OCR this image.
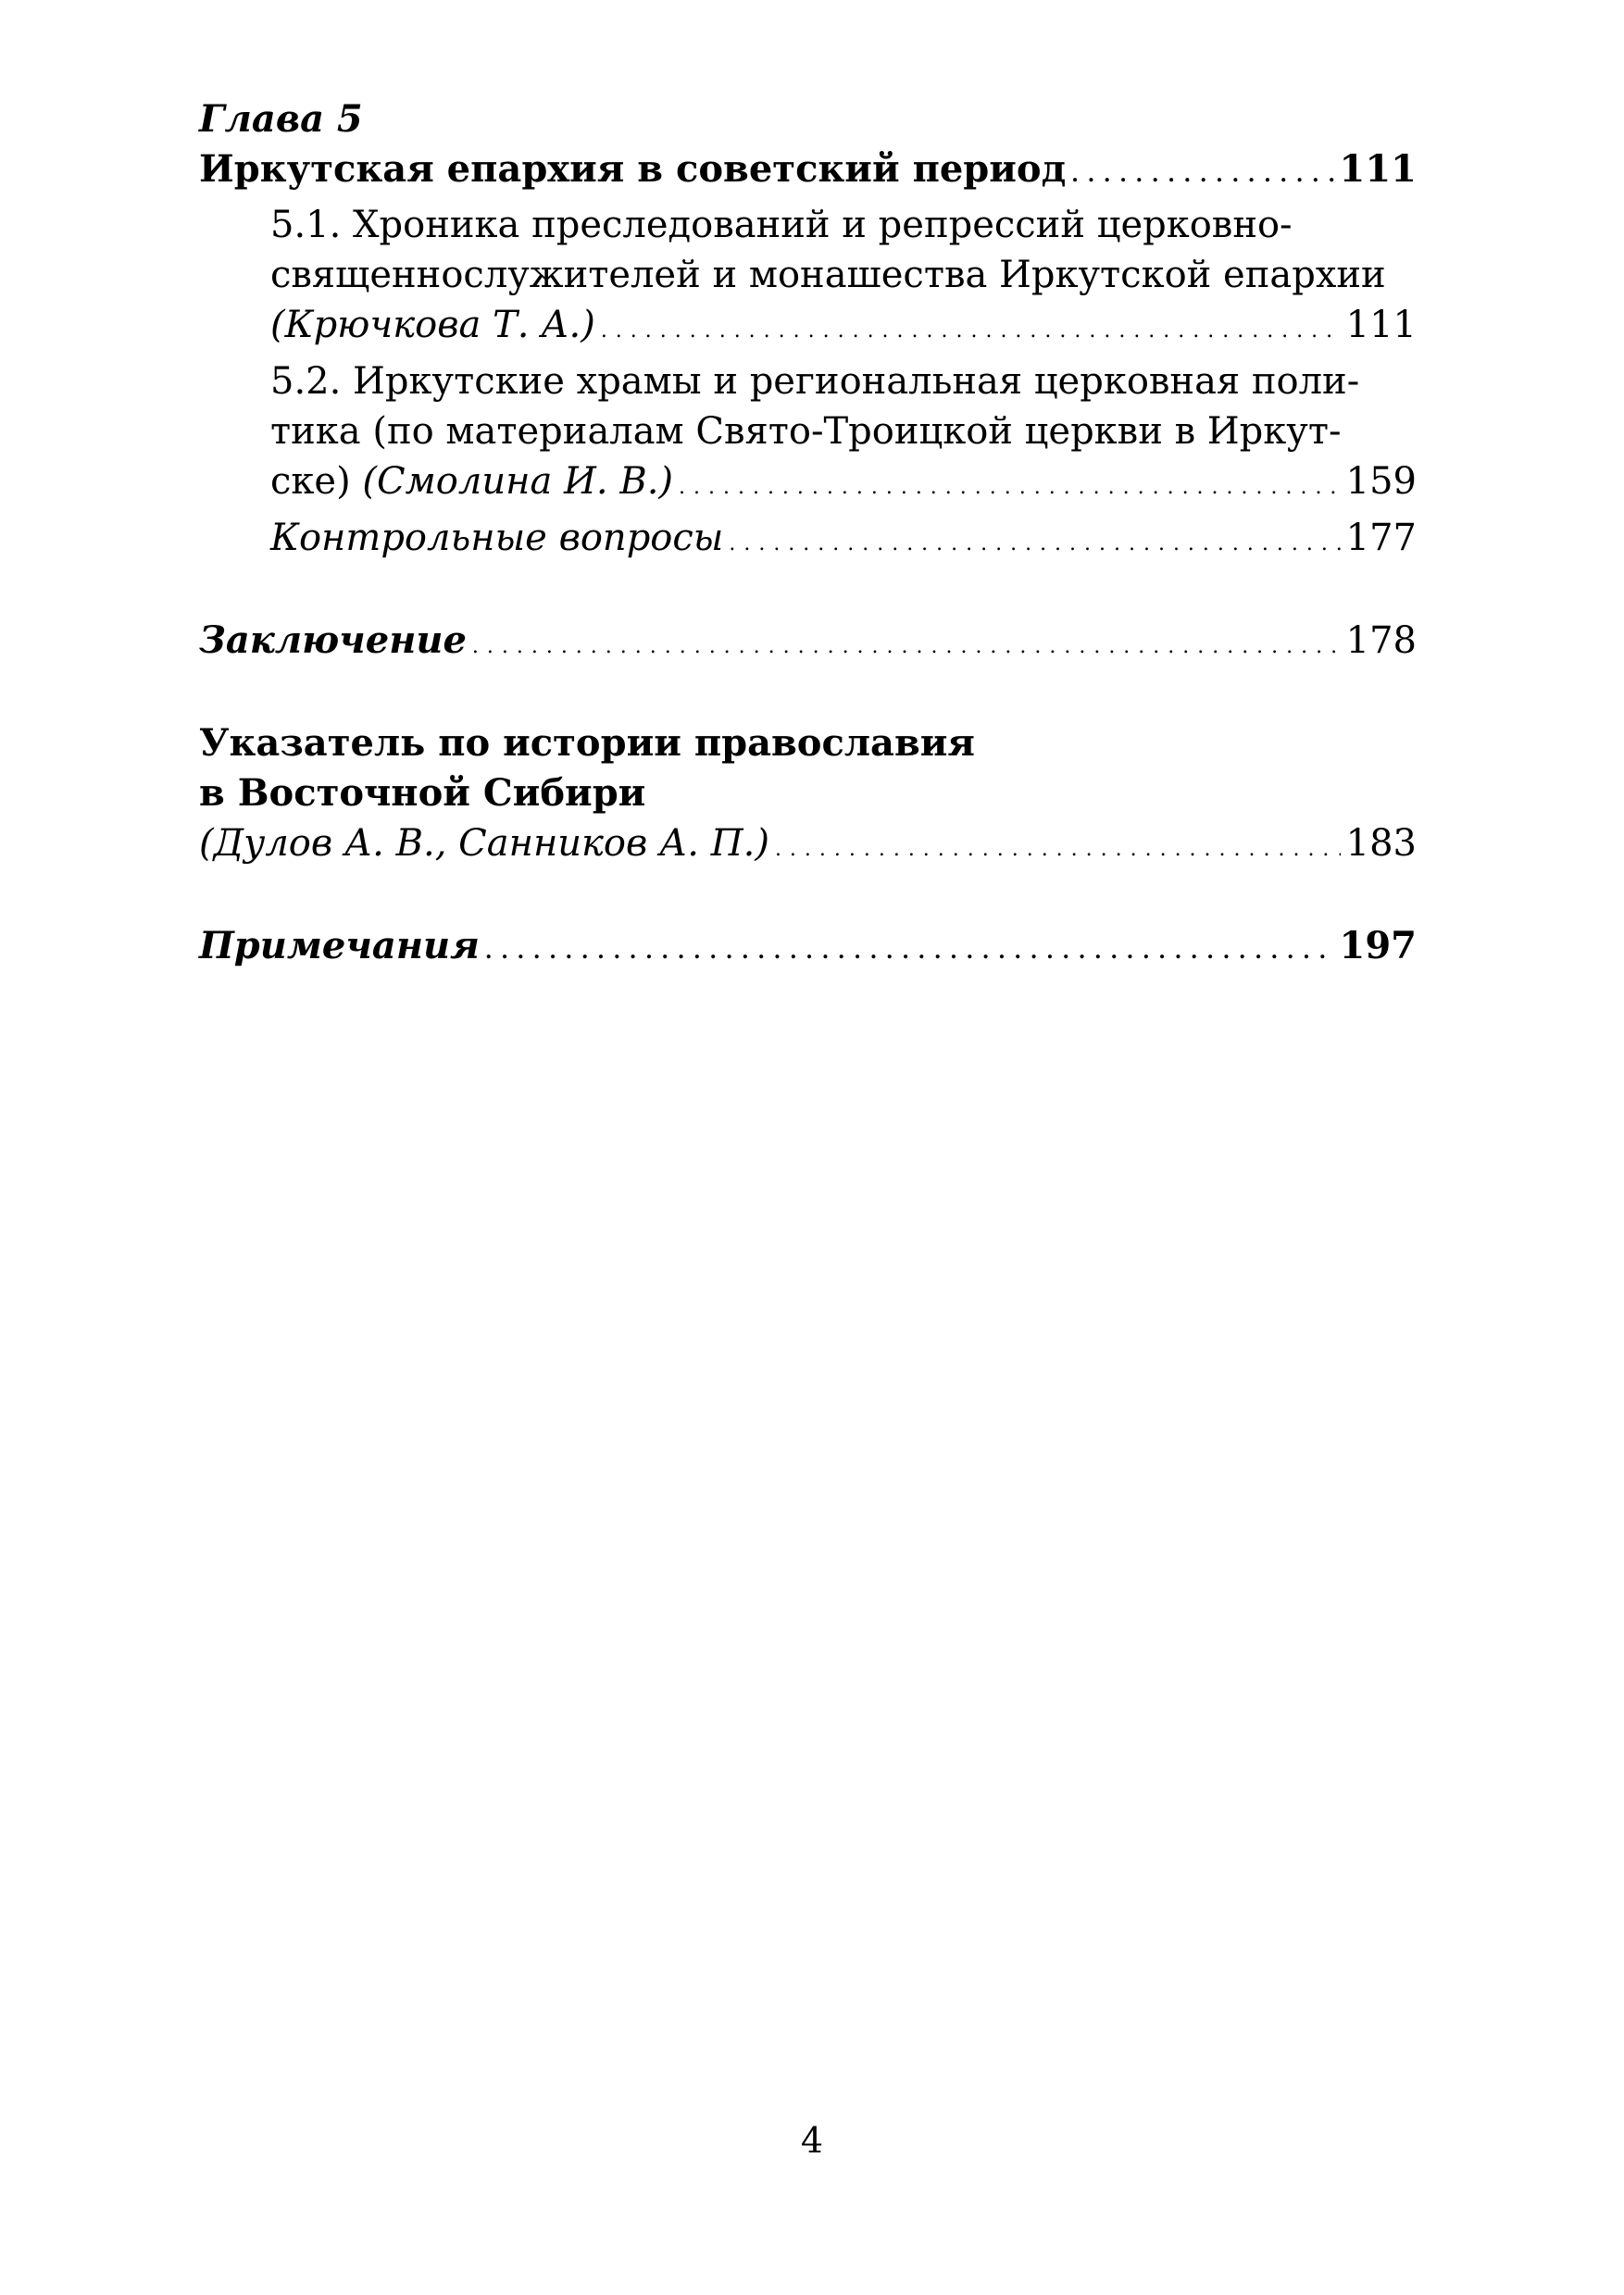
Глава 5
Иркутская епархия в советский период . . .	111
5.1. Хроника преследований и репрессий церковно-
священнослужителей и монашества Иркутской епархии
(Крючкова Т. А.) . . .	111
5.2. Иркутские храмы и региональная церковная поли-
тика (по материалам Свято-Троицкой церкви в Иркут-
ске) (Смолина И. В.) . . .	159
Контрольные вопросы . . .	177
Заключение . . .	178
Указатель по истории православия
в Восточной Сибири
(Дулов А. В., Санников А. П.) . . .	183
Примечания . . .	197
4
